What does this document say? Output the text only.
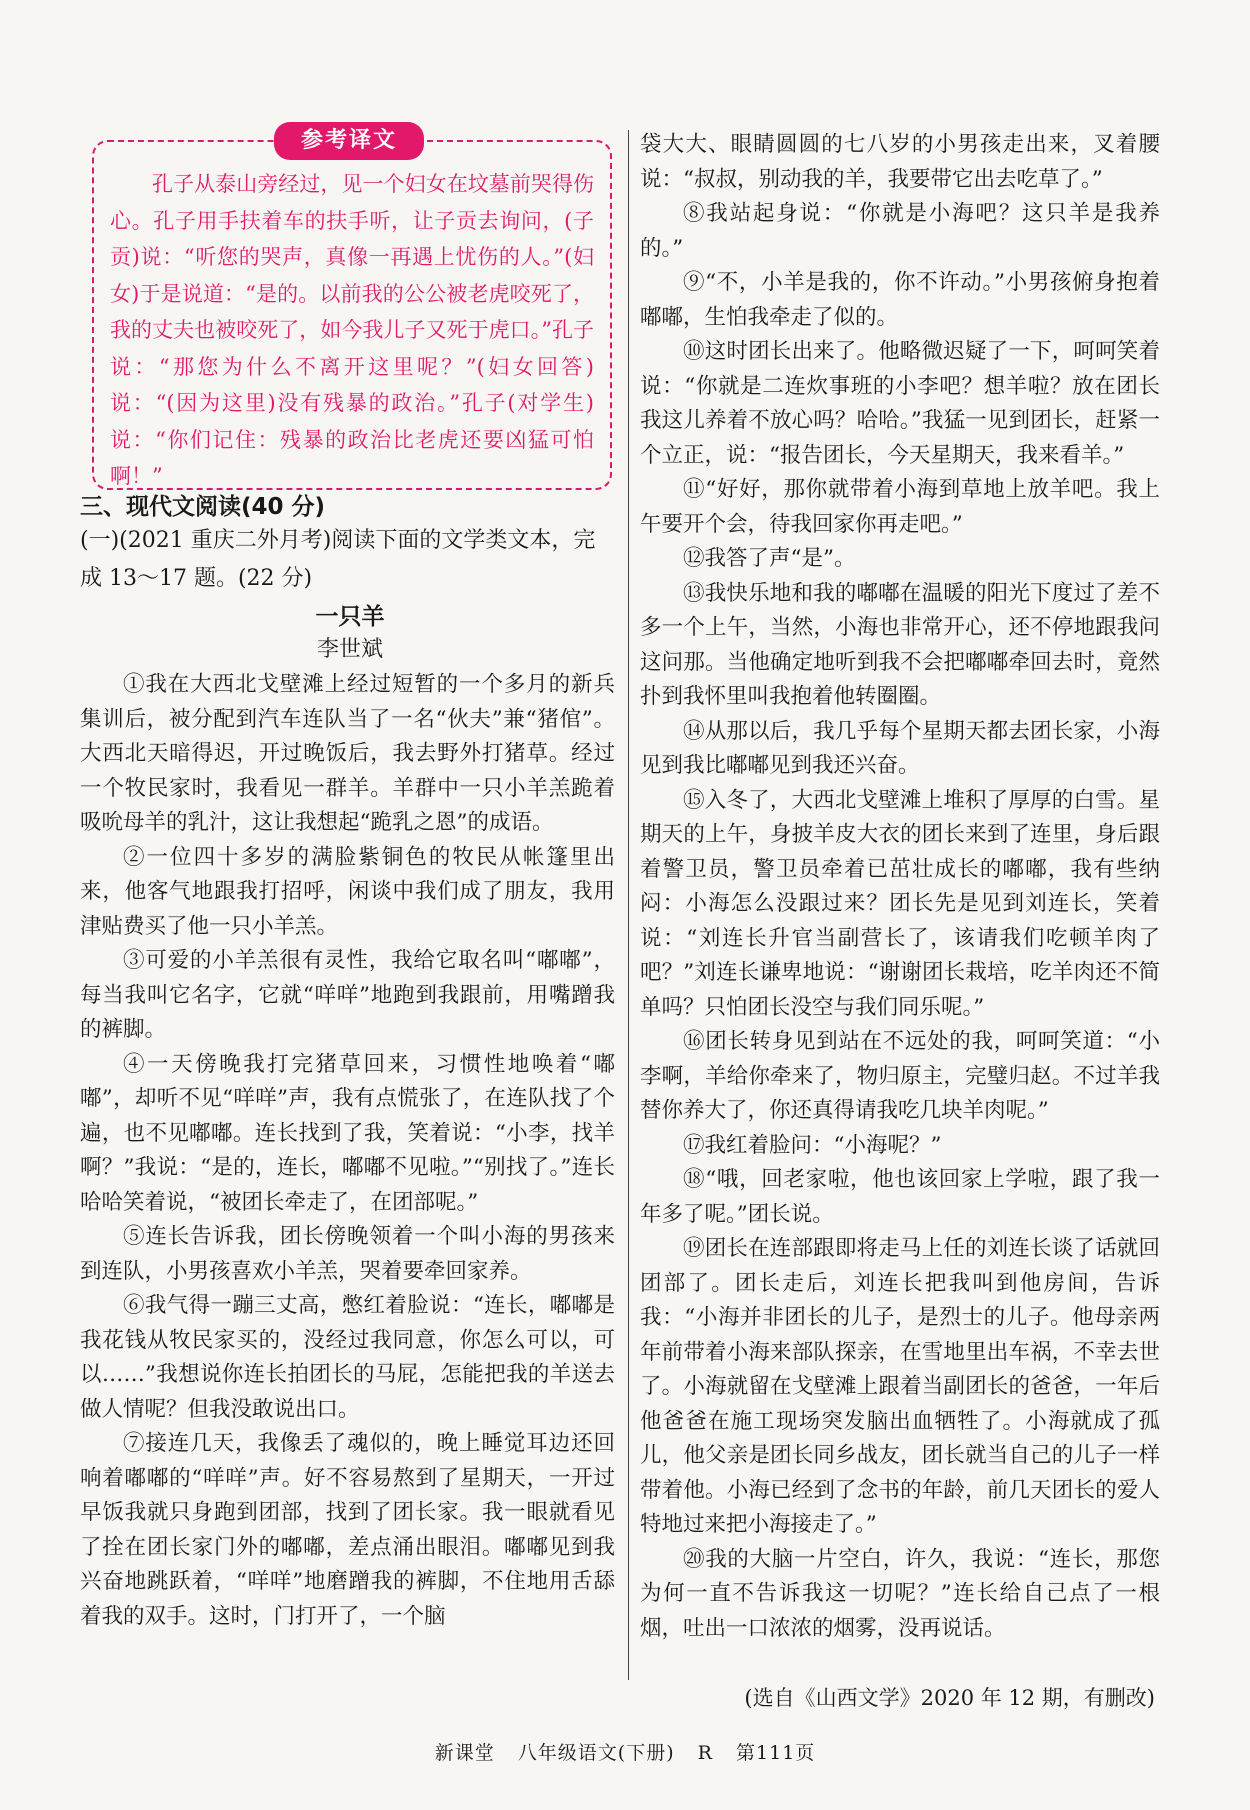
参考译文

孔子从泰山旁经过，见一个妇女在坟墓前哭得伤心。孔子用手扶着车的扶手听，让子贡去询问，(子贡)说：“听您的哭声，真像一再遇上忧伤的人。”(妇女)于是说道：“是的。以前我的公公被老虎咬死了，我的丈夫也被咬死了，如今我儿子又死于虎口。”孔子说：“那您为什么不离开这里呢？”(妇女回答)说：“(因为这里)没有残暴的政治。”孔子(对学生)说：“你们记住：残暴的政治比老虎还要凶猛可怕啊！”

三、现代文阅读(40 分)

(一)(2021 重庆二外月考)阅读下面的文学类文本，完成 13～17 题。(22 分)

一只羊
李世斌

①我在大西北戈壁滩上经过短暂的一个多月的新兵集训后，被分配到汽车连队当了一名“伙夫”兼“猪倌”。大西北天暗得迟，开过晚饭后，我去野外打猪草。经过一个牧民家时，我看见一群羊。羊群中一只小羊羔跪着吸吮母羊的乳汁，这让我想起“跪乳之恩”的成语。

②一位四十多岁的满脸紫铜色的牧民从帐篷里出来，他客气地跟我打招呼，闲谈中我们成了朋友，我用津贴费买了他一只小羊羔。

③可爱的小羊羔很有灵性，我给它取名叫“嘟嘟”，每当我叫它名字，它就“咩咩”地跑到我跟前，用嘴蹭我的裤脚。

④一天傍晚我打完猪草回来，习惯性地唤着“嘟嘟”，却听不见“咩咩”声，我有点慌张了，在连队找了个遍，也不见嘟嘟。连长找到了我，笑着说：“小李，找羊啊？”我说：“是的，连长，嘟嘟不见啦。”“别找了。”连长哈哈笑着说，“被团长牵走了，在团部呢。”

⑤连长告诉我，团长傍晚领着一个叫小海的男孩来到连队，小男孩喜欢小羊羔，哭着要牵回家养。

⑥我气得一蹦三丈高，憋红着脸说：“连长，嘟嘟是我花钱从牧民家买的，没经过我同意，你怎么可以，可以……”我想说你连长拍团长的马屁，怎能把我的羊送去做人情呢？但我没敢说出口。

⑦接连几天，我像丢了魂似的，晚上睡觉耳边还回响着嘟嘟的“咩咩”声。好不容易熬到了星期天，一开过早饭我就只身跑到团部，找到了团长家。我一眼就看见了拴在团长家门外的嘟嘟，差点涌出眼泪。嘟嘟见到我兴奋地跳跃着，“咩咩”地磨蹭我的裤脚，不住地用舌舔着我的双手。这时，门打开了，一个脑

袋大大、眼睛圆圆的七八岁的小男孩走出来，叉着腰说：“叔叔，别动我的羊，我要带它出去吃草了。”

⑧我站起身说：“你就是小海吧？这只羊是我养的。”

⑨“不，小羊是我的，你不许动。”小男孩俯身抱着嘟嘟，生怕我牵走了似的。

⑩这时团长出来了。他略微迟疑了一下，呵呵笑着说：“你就是二连炊事班的小李吧？想羊啦？放在团长我这儿养着不放心吗？哈哈。”我猛一见到团长，赶紧一个立正，说：“报告团长，今天星期天，我来看羊。”

⑪“好好，那你就带着小海到草地上放羊吧。我上午要开个会，待我回家你再走吧。”

⑫我答了声“是”。

⑬我快乐地和我的嘟嘟在温暖的阳光下度过了差不多一个上午，当然，小海也非常开心，还不停地跟我问这问那。当他确定地听到我不会把嘟嘟牵回去时，竟然扑到我怀里叫我抱着他转圈圈。

⑭从那以后，我几乎每个星期天都去团长家，小海见到我比嘟嘟见到我还兴奋。

⑮入冬了，大西北戈壁滩上堆积了厚厚的白雪。星期天的上午，身披羊皮大衣的团长来到了连里，身后跟着警卫员，警卫员牵着已茁壮成长的嘟嘟，我有些纳闷：小海怎么没跟过来？团长先是见到刘连长，笑着说：“刘连长升官当副营长了，该请我们吃顿羊肉了吧？”刘连长谦卑地说：“谢谢团长栽培，吃羊肉还不简单吗？只怕团长没空与我们同乐呢。”

⑯团长转身见到站在不远处的我，呵呵笑道：“小李啊，羊给你牵来了，物归原主，完璧归赵。不过羊我替你养大了，你还真得请我吃几块羊肉呢。”

⑰我红着脸问：“小海呢？”

⑱“哦，回老家啦，他也该回家上学啦，跟了我一年多了呢。”团长说。

⑲团长在连部跟即将走马上任的刘连长谈了话就回团部了。团长走后，刘连长把我叫到他房间，告诉我：“小海并非团长的儿子，是烈士的儿子。他母亲两年前带着小海来部队探亲，在雪地里出车祸，不幸去世了。小海就留在戈壁滩上跟着当副团长的爸爸，一年后他爸爸在施工现场突发脑出血牺牲了。小海就成了孤儿，他父亲是团长同乡战友，团长就当自己的儿子一样带着他。小海已经到了念书的年龄，前几天团长的爱人特地过来把小海接走了。”

⑳我的大脑一片空白，许久，我说：“连长，那您为何一直不告诉我这一切呢？”连长给自己点了一根烟，吐出一口浓浓的烟雾，没再说话。

(选自《山西文学》2020 年 12 期，有删改)
新课堂 八年级语文(下册) R 第111页
